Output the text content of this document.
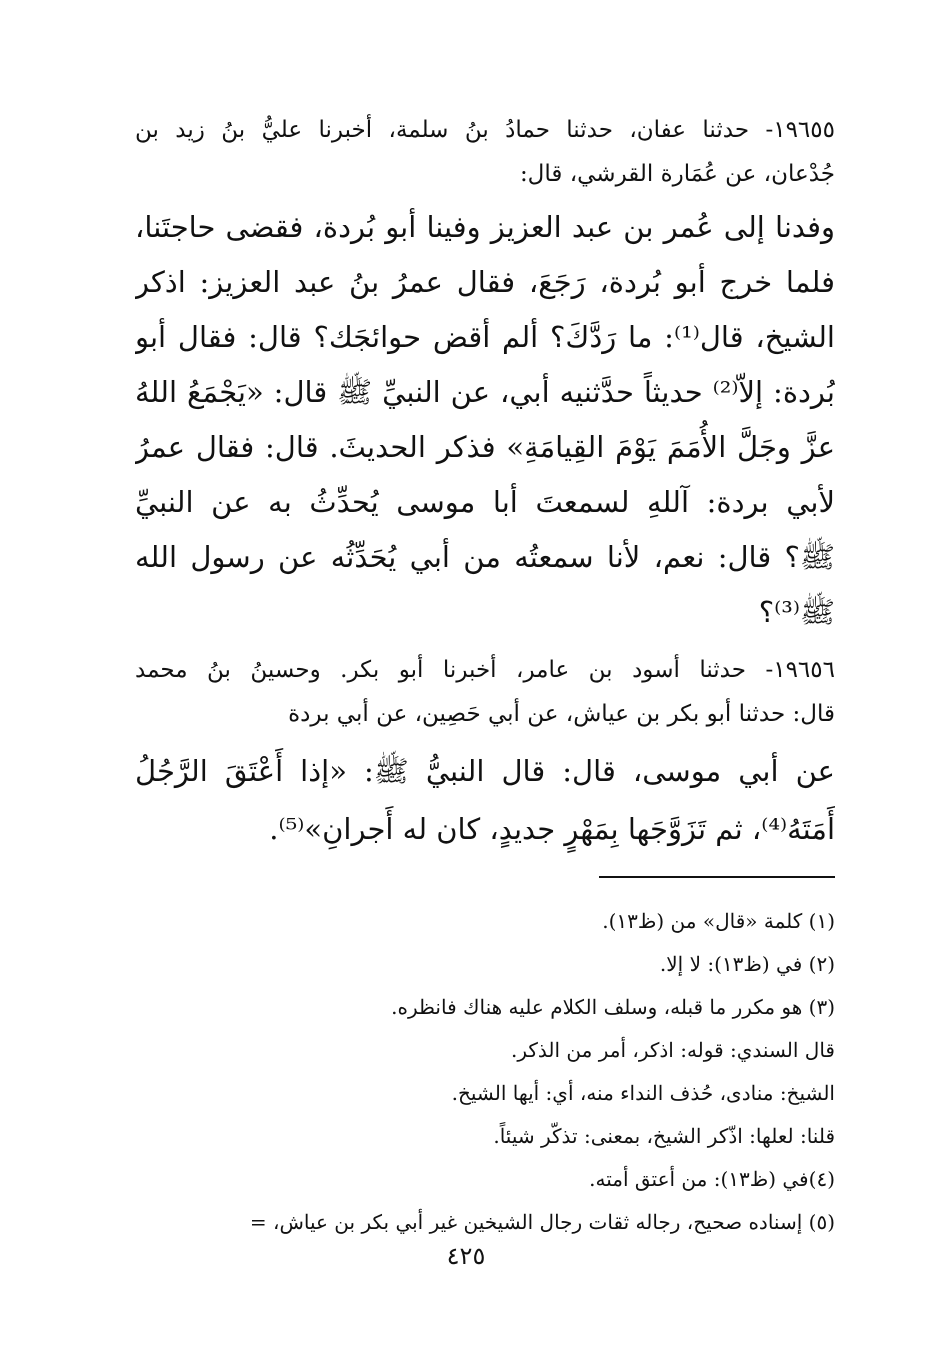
١٩٦٥٥- حدثنا عفان، حدثنا حمادُ بنُ سلمة، أخبرنا عليُّ بنُ زيد بن
جُدْعان، عن عُمَارة القرشي، قال:
وفدنا إلى عُمر بن عبد العزيز وفينا أبو بُردة، فقضى حاجتَنا،
فلما خرج أبو بُردة، رَجَعَ، فقال عمرُ بنُ عبد العزيز: اذكر
الشيخ، قال⁽¹⁾: ما رَدَّكَ؟ ألم أقض حوائجَك؟ قال: فقال أبو
بُردة: إلاّ⁽²⁾ حديثاً حدَّثنيه أبي، عن النبيِّ ﷺ قال: «يَجْمَعُ اللهُ
عزَّ وجَلَّ الأُمَمَ يَوْمَ القِيامَةِ» فذكر الحديثَ. قال: فقال عمرُ
لأبي بردة: آللهِ لسمعتَ أبا موسى يُحدِّثُ به عن النبيِّ
ﷺ؟ قال: نعم، لأنا سمعتُه من أبي يُحَدِّثُه عن رسول الله
ﷺ⁽³⁾؟
١٩٦٥٦- حدثنا أسود بن عامر، أخبرنا أبو بكر. وحسينُ بنُ محمد
قال: حدثنا أبو بكر بن عياش، عن أبي حَصِين، عن أبي بردة
عن أبي موسى، قال: قال النبيُّ ﷺ: «إذا أَعْتَقَ الرَّجُلُ
أَمَتَهُ⁽⁴⁾، ثم تَزَوَّجَها بِمَهْرٍ جديدٍ، كان له أَجرانِ»⁽⁵⁾.
(١) كلمة «قال» من (ظ١٣).
(٢) في (ظ١٣): لا إلا.
(٣) هو مكرر ما قبله، وسلف الكلام عليه هناك فانظره.
قال السندي: قوله: اذكر، أمر من الذكر.
الشيخ: منادى، حُذف النداء منه، أي: أيها الشيخ.
قلنا: لعلها: اذّكر الشيخ، بمعنى: تذكّر شيئاً.
(٤)في (ظ١٣): من أعتق أمته.
(٥) إسناده صحيح، رجاله ثقات رجال الشيخين غير أبي بكر بن عياش، =
٤٢٥
